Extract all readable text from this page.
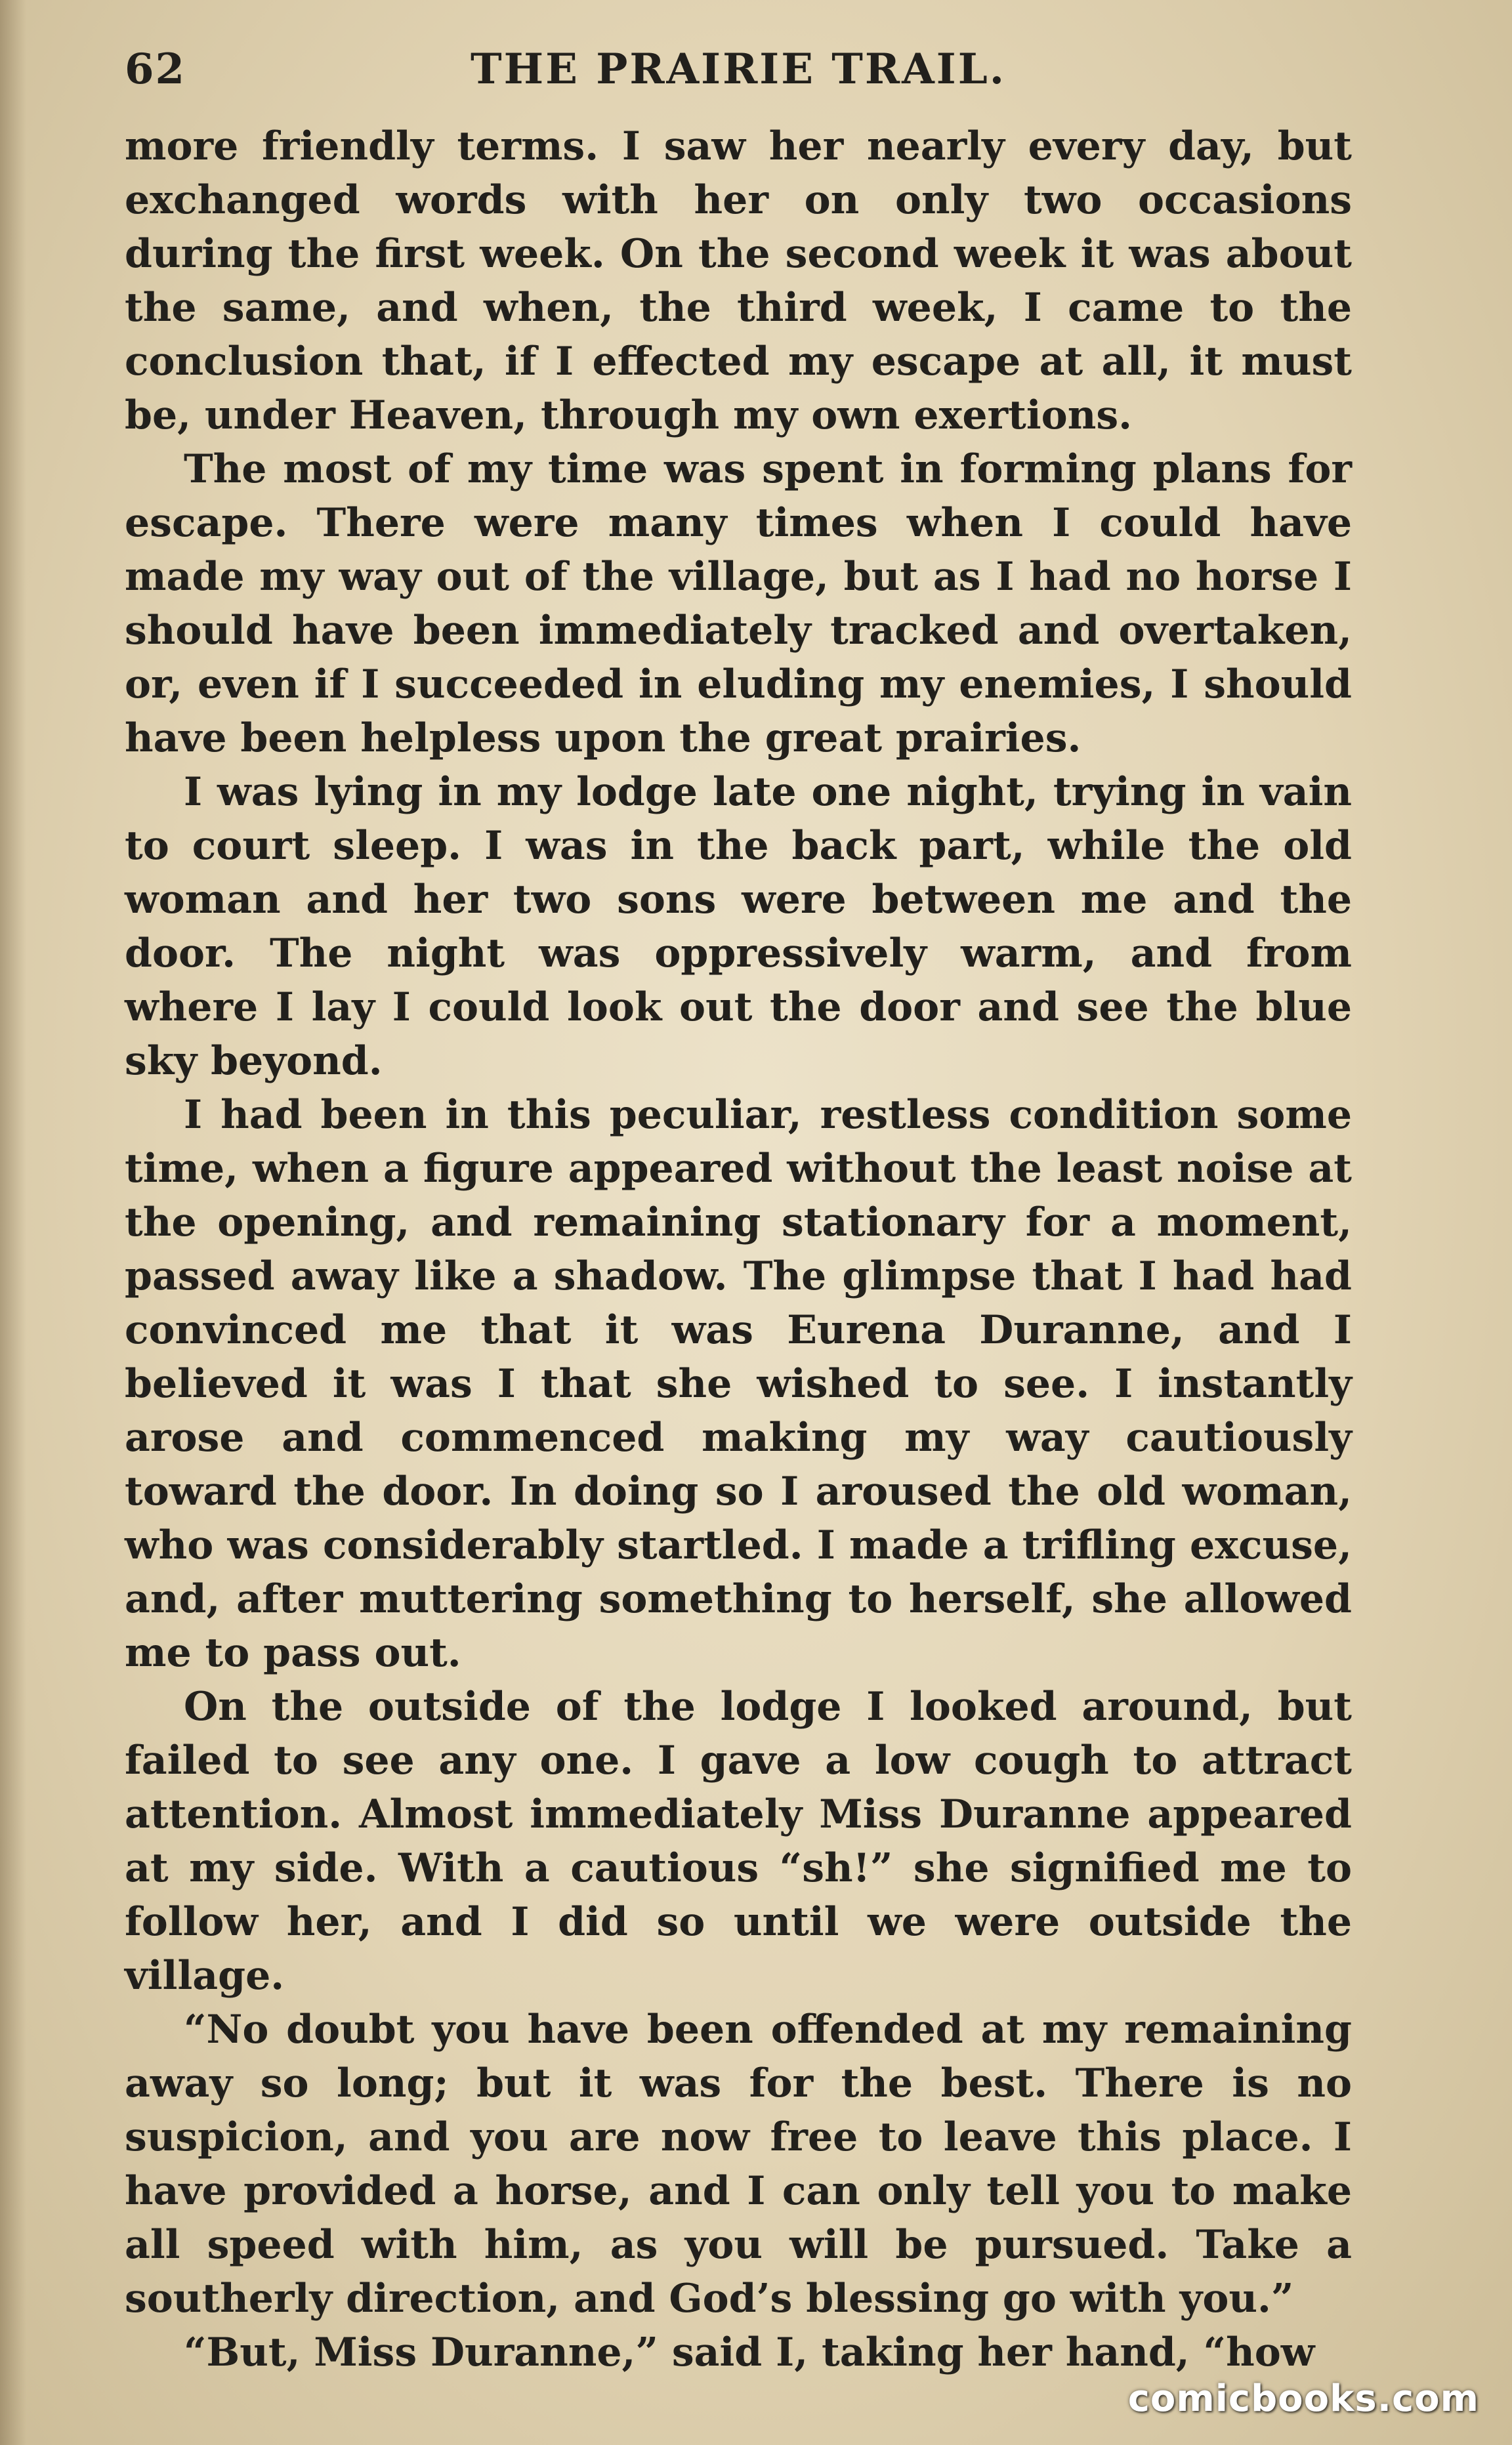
62	THE PRAIRIE TRAIL.

more friendly terms. I saw her nearly every day, but exchanged words with her on only two occasions during the first week. On the second week it was about the same, and when, the third week, I came to the conclusion that, if I effected my escape at all, it must be, under Heaven, through my own exertions.

The most of my time was spent in forming plans for escape. There were many times when I could have made my way out of the village, but as I had no horse I should have been immediately tracked and overtaken, or, even if I succeeded in eluding my enemies, I should have been helpless upon the great prairies.

I was lying in my lodge late one night, trying in vain to court sleep. I was in the back part, while the old woman and her two sons were between me and the door. The night was oppressively warm, and from where I lay I could look out the door and see the blue sky beyond.

I had been in this peculiar, restless condition some time, when a figure appeared without the least noise at the opening, and remaining stationary for a moment, passed away like a shadow. The glimpse that I had had convinced me that it was Eurena Duranne, and I believed it was I that she wished to see. I instantly arose and commenced making my way cautiously toward the door. In doing so I aroused the old woman, who was considerably startled. I made a trifling excuse, and, after muttering something to herself, she allowed me to pass out.

On the outside of the lodge I looked around, but failed to see any one. I gave a low cough to attract attention. Almost immediately Miss Duranne appeared at my side. With a cautious “sh!” she signified me to follow her, and I did so until we were outside the village.

“No doubt you have been offended at my remaining away so long; but it was for the best. There is no suspicion, and you are now free to leave this place. I have provided a horse, and I can only tell you to make all speed with him, as you will be pursued. Take a southerly direction, and God’s blessing go with you.”

“But, Miss Duranne,” said I, taking her hand, “how

comicbooks.com
